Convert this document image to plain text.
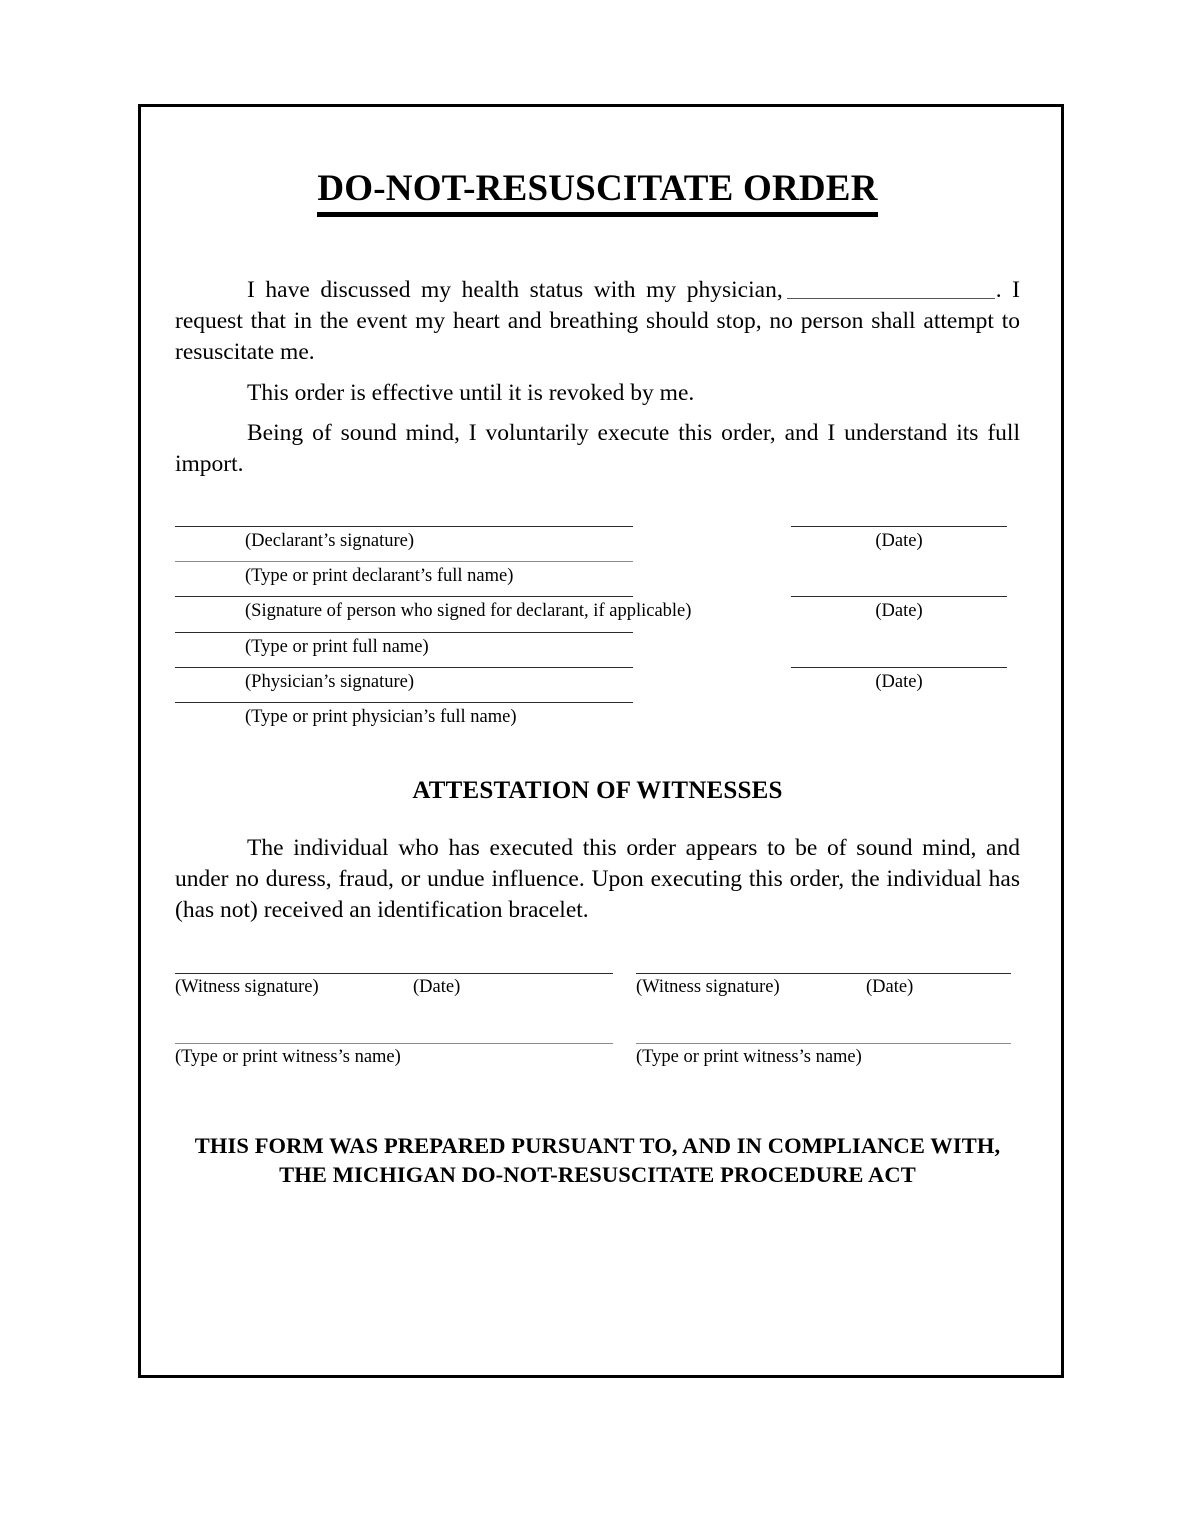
DO-NOT-RESUSCITATE ORDER

I have discussed my health status with my physician,	. I request that in the event my heart and breathing should stop, no person shall attempt to resuscitate me.

This order is effective until it is revoked by me.

Being of sound mind, I voluntarily execute this order, and I understand its full import.

(Declarant’s signature)	(Date)
(Type or print declarant’s full name)
(Signature of person who signed for declarant, if applicable)	(Date)
(Type or print full name)
(Physician’s signature)	(Date)
(Type or print physician’s full name)
ATTESTATION OF WITNESSES

The individual who has executed this order appears to be of sound mind, and under no duress, fraud, or undue influence. Upon executing this order, the individual has (has not) received an identification bracelet.

(Witness signature)	(Date)	(Witness signature)	(Date)
(Type or print witness’s name)	(Type or print witness’s name)
THIS FORM WAS PREPARED PURSUANT TO, AND IN COMPLIANCE WITH,
THE MICHIGAN DO-NOT-RESUSCITATE PROCEDURE ACT
